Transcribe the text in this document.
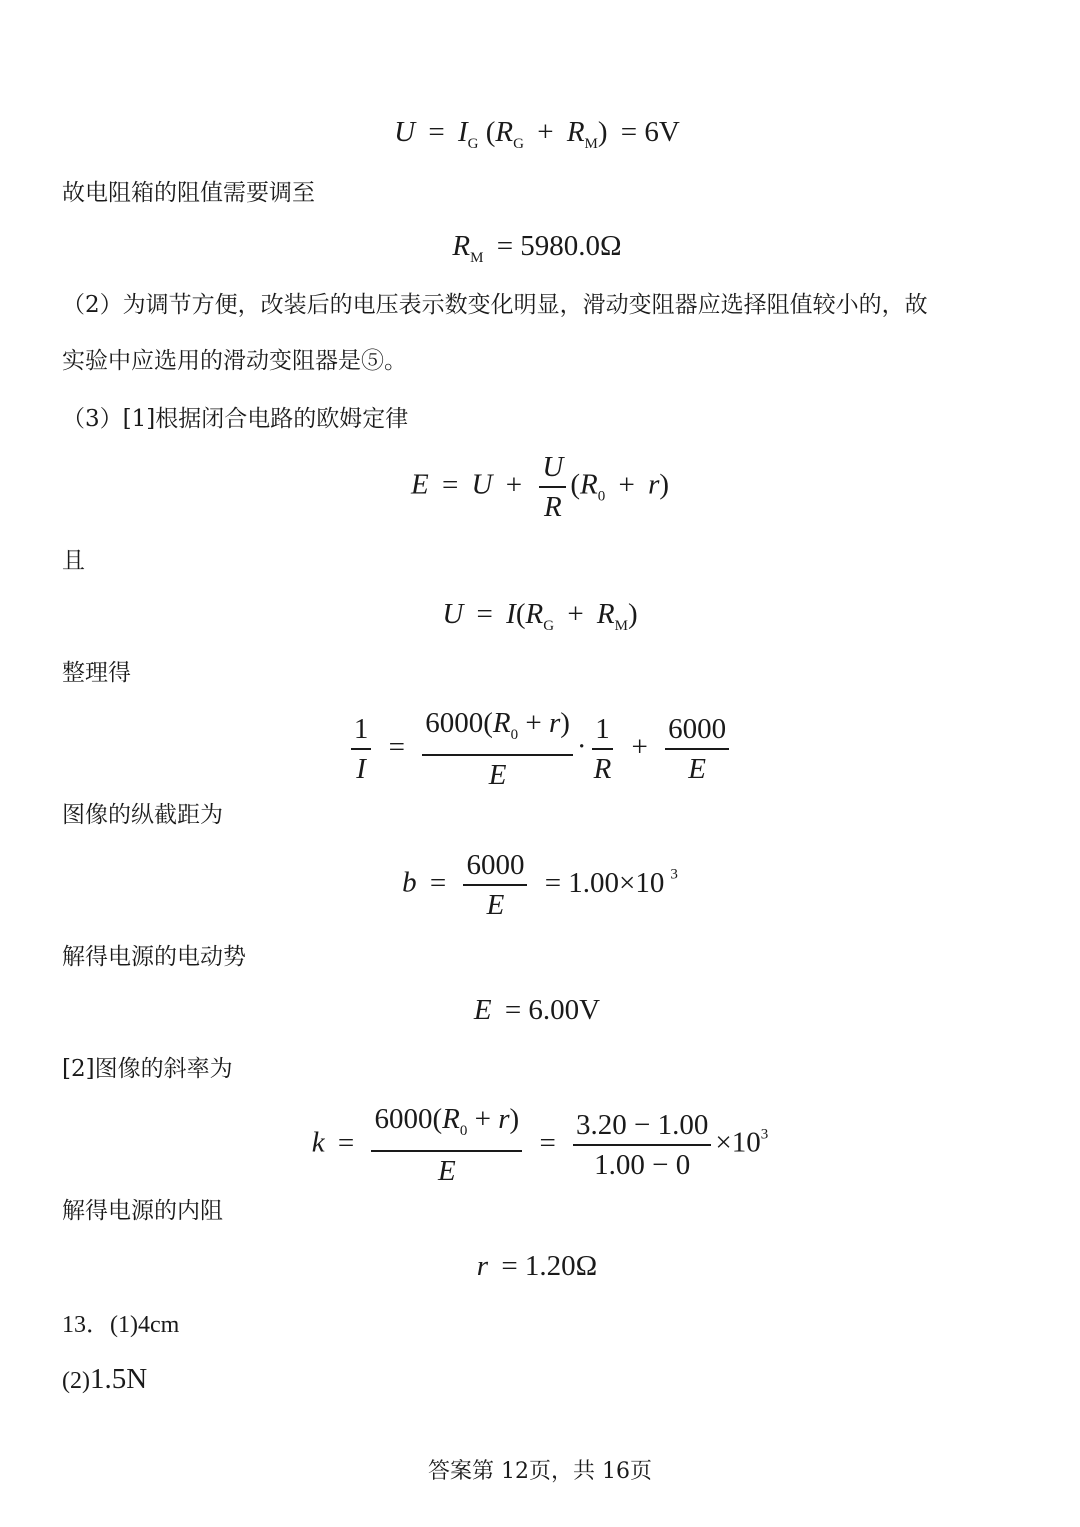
$U = I_G$ $(R_G + R_M) = 6V$
故电阻箱的阻值需要调至
$R_M = 5980.0\Omega$
（2）为调节方便，改装后的电压表示数变化明显，滑动变阻器应选择阻值较小的，故
实验中应选用的滑动变阻器是⑤。
（3）[1]根据闭合电路的欧姆定律
$E = U + \frac{U}{R} (R_0 + r)$
且
$U = I(R_G + R_M)$
整理得
$\frac{1}{I} = \frac{6000(R_0 + r)}{E} \cdot \frac{1}{R} + \frac{6000}{E}$
图像的纵截距为
$b = \frac{6000}{E} = 1.00\times 10$ $^3$
解得电源的电动势
E = 6.00V
[2]图像的斜率为
$k = \frac{6000(R_0 + r)}{E} = \frac{3.20 - 1.00}{1.00 - 0} \times 10^3$
解得电源的内阻
r = 1.20Ω
13．(1)4cm
(2)1.5N
答案第 12页，共 16页
